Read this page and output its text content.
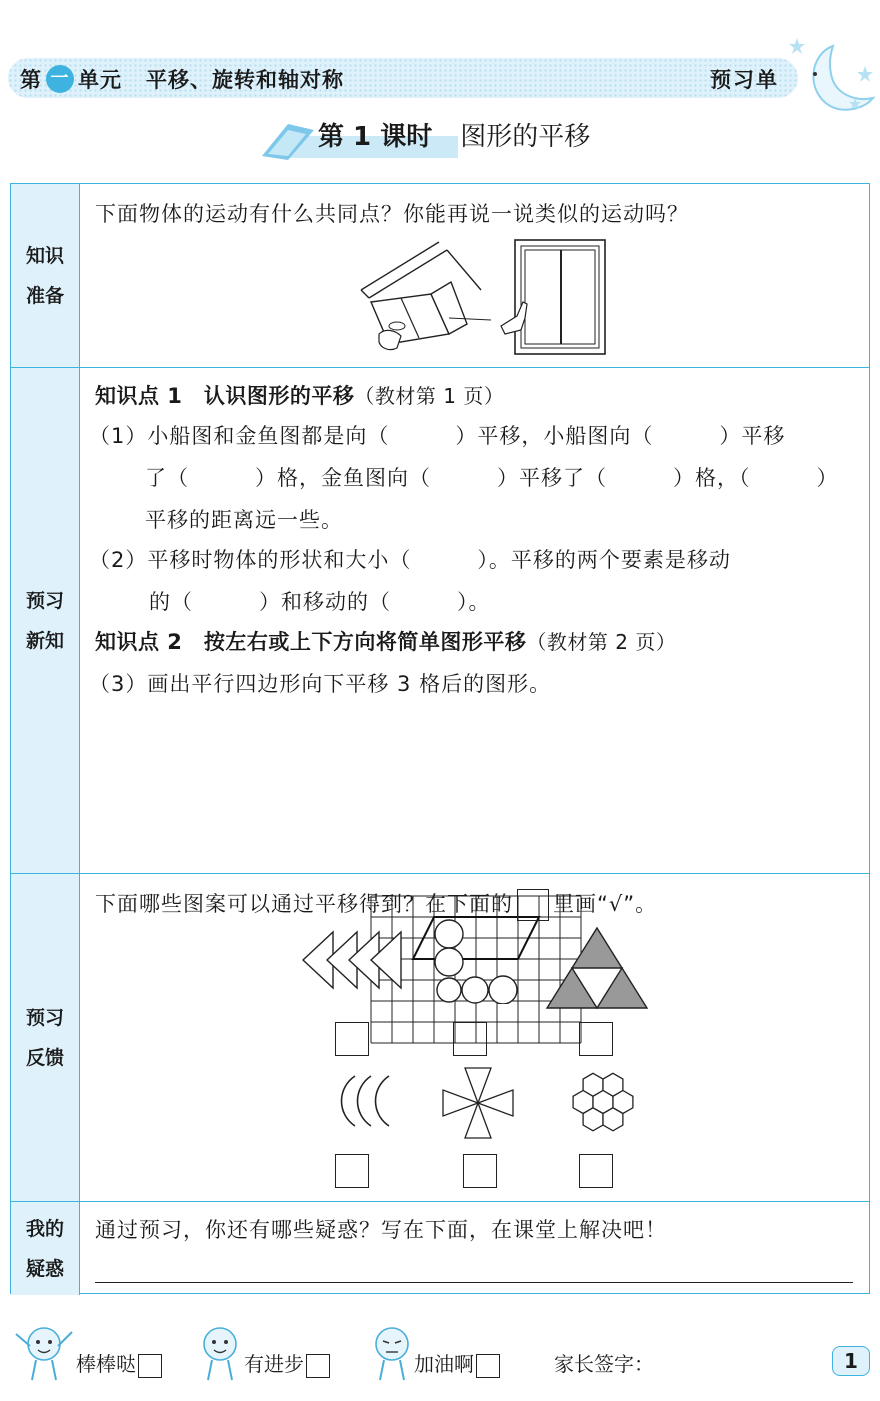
第 一 单元 平移、旋转和轴对称	预习单
第 1 课时 图形的平移
知识
准备
下面物体的运动有什么共同点？你能再说一说类似的运动吗？
预习
新知
知识点 1　认识图形的平移（教材第 1 页）
（1）小船图和金鱼图都是向（　　　）平移，小船图向（　　　）平移
了（　　　）格，金鱼图向（　　　）平移了（　　　）格，（　　　）
平移的距离远一些。
（2）平移时物体的形状和大小（　　　）。平移的两个要素是移动
的（　　　）和移动的（　　　）。
知识点 2　按左右或上下方向将简单图形平移（教材第 2 页）
（3）画出平行四边形向下平移 3 格后的图形。
预习
反馈
下面哪些图案可以通过平移得到？在下面的 里画“√”。
我的
疑惑
通过预习，你还有哪些疑惑？写在下面，在课堂上解决吧！
棒棒哒	有进步	加油啊	家长签字：	1
